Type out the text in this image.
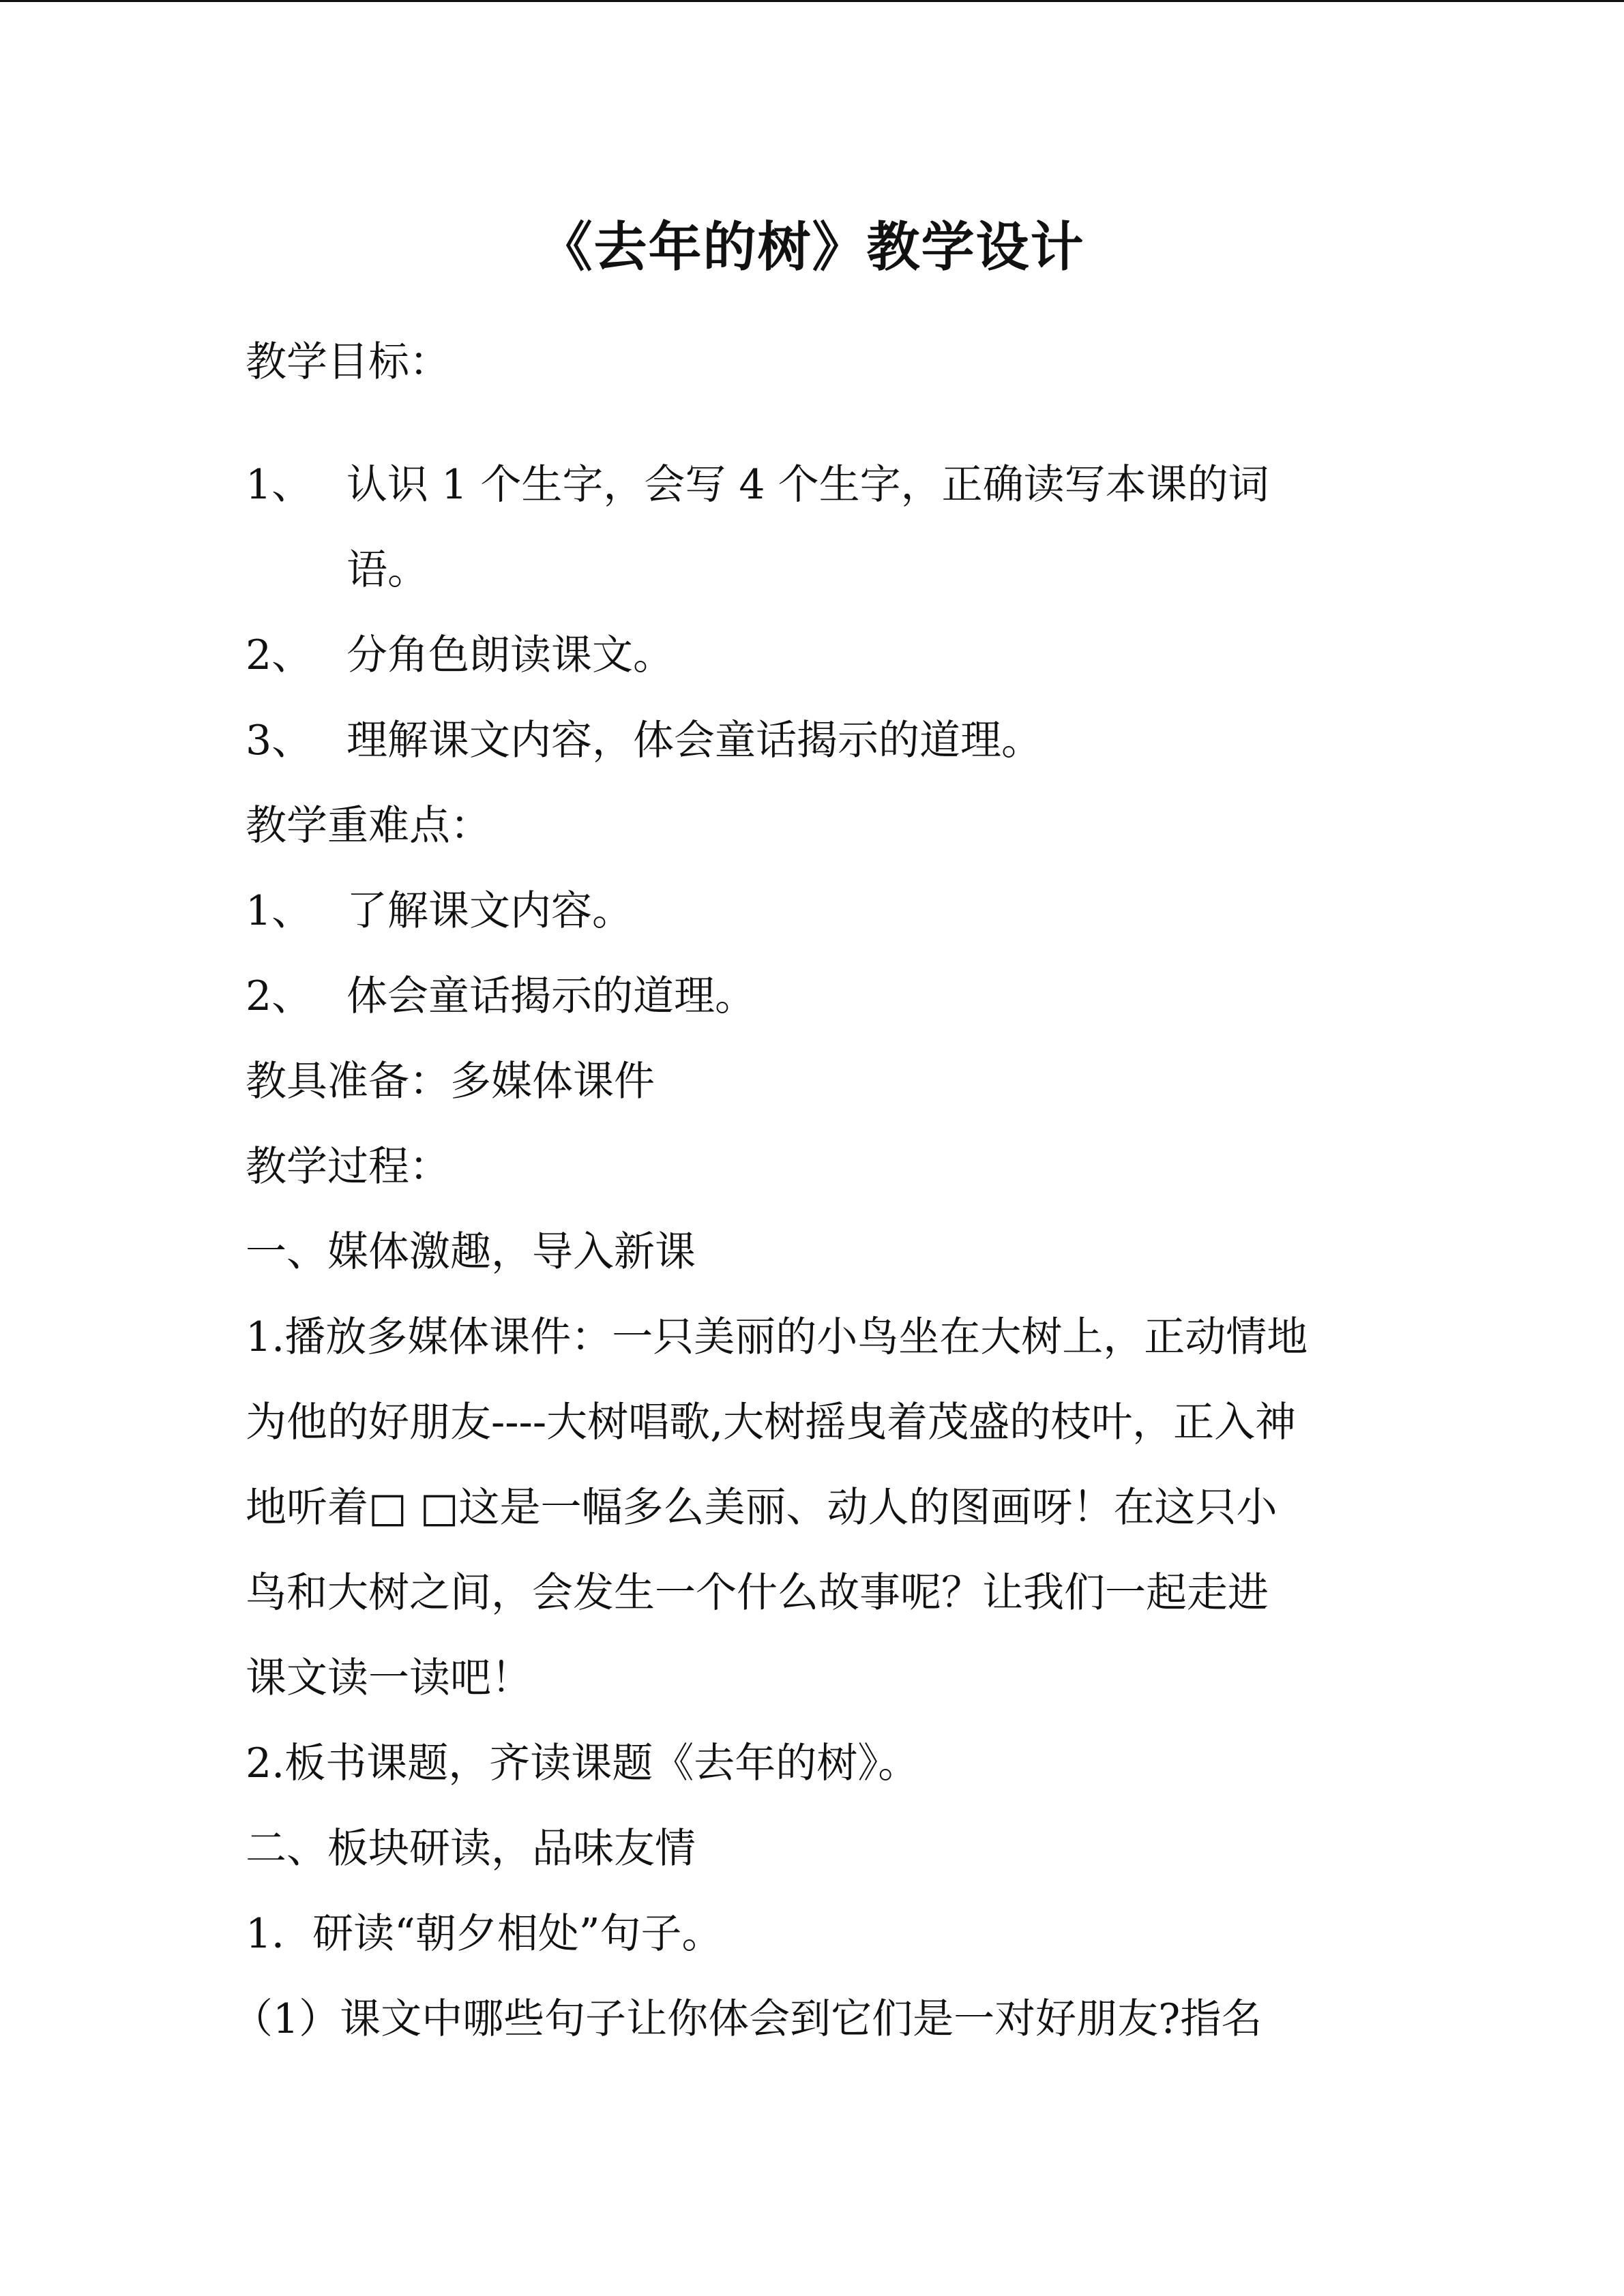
《去年的树》教学设计
教学目标：
1、 认识 1 个生字，会写 4 个生字，正确读写本课的词
语。
2、 分角色朗读课文。
3、 理解课文内容，体会童话揭示的道理。
教学重难点：
1、 了解课文内容。
2、 体会童话揭示的道理。
教具准备：多媒体课件
教学过程：
一、媒体激趣，导入新课
1.播放多媒体课件：一只美丽的小鸟坐在大树上，正动情地
为他的好朋友----大树唱歌,大树摇曳着茂盛的枝叶，正入神
地听着□ □这是一幅多么美丽、动人的图画呀！在这只小
鸟和大树之间，会发生一个什么故事呢？让我们一起走进
课文读一读吧！
2.板书课题，齐读课题《去年的树》。
二、板块研读，品味友情
1．研读“朝夕相处”句子。
（1）课文中哪些句子让你体会到它们是一对好朋友?指名
